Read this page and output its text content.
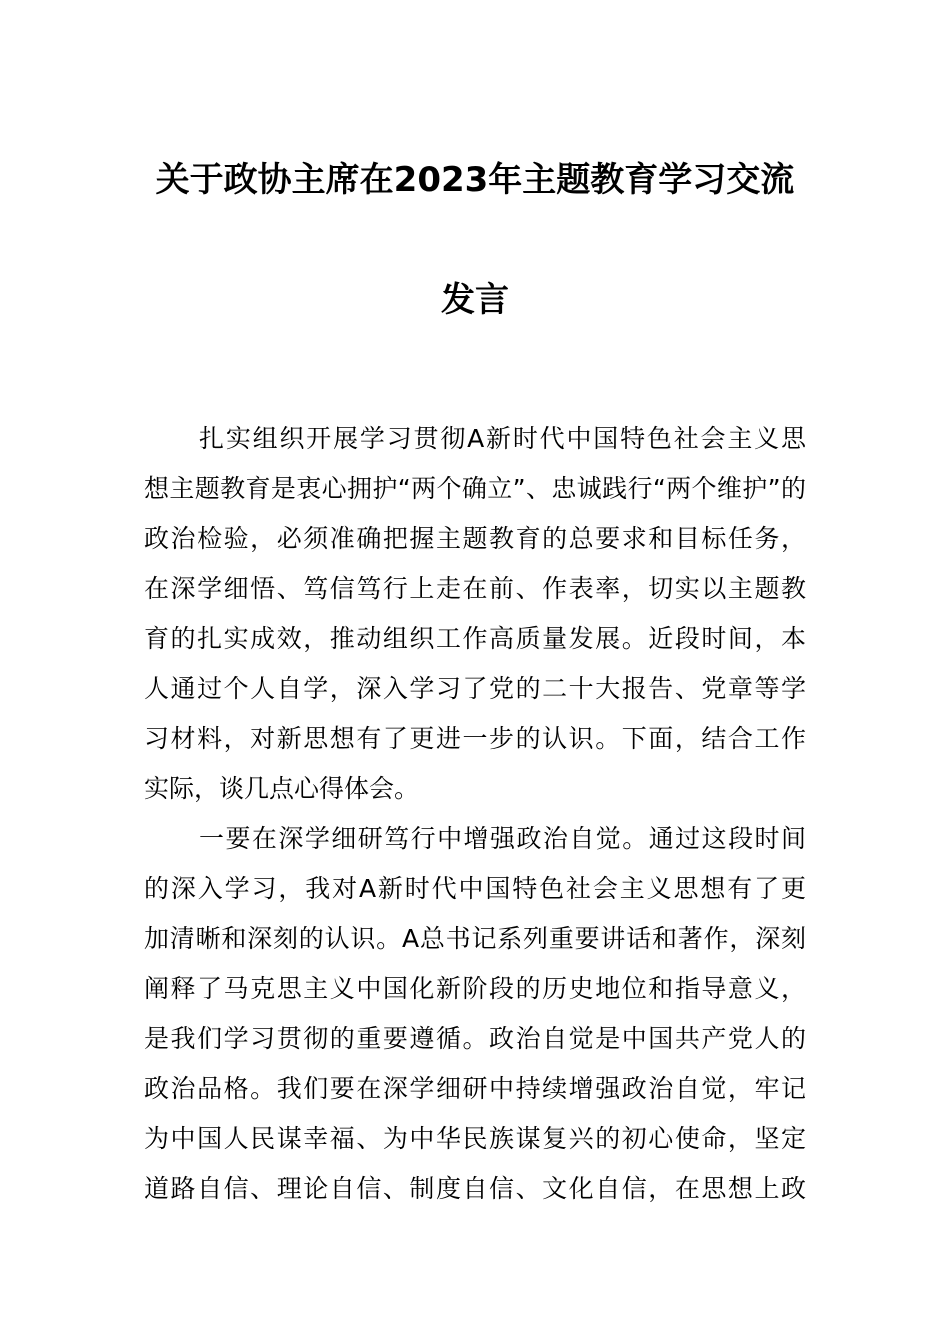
关于政协主席在2023年主题教育学习交流
发言
扎实组织开展学习贯彻A新时代中国特色社会主义思
想主题教育是衷心拥护“两个确立”、忠诚践行“两个维护”的
政治检验，必须准确把握主题教育的总要求和目标任务，
在深学细悟、笃信笃行上走在前、作表率，切实以主题教
育的扎实成效，推动组织工作高质量发展。近段时间，本
人通过个人自学，深入学习了党的二十大报告、党章等学
习材料，对新思想有了更进一步的认识。下面，结合工作
实际，谈几点心得体会。
一要在深学细研笃行中增强政治自觉。通过这段时间
的深入学习，我对A新时代中国特色社会主义思想有了更
加清晰和深刻的认识。A总书记系列重要讲话和著作，深刻
阐释了马克思主义中国化新阶段的历史地位和指导意义，
是我们学习贯彻的重要遵循。政治自觉是中国共产党人的
政治品格。我们要在深学细研中持续增强政治自觉，牢记
为中国人民谋幸福、为中华民族谋复兴的初心使命，坚定
道路自信、理论自信、制度自信、文化自信，在思想上政
